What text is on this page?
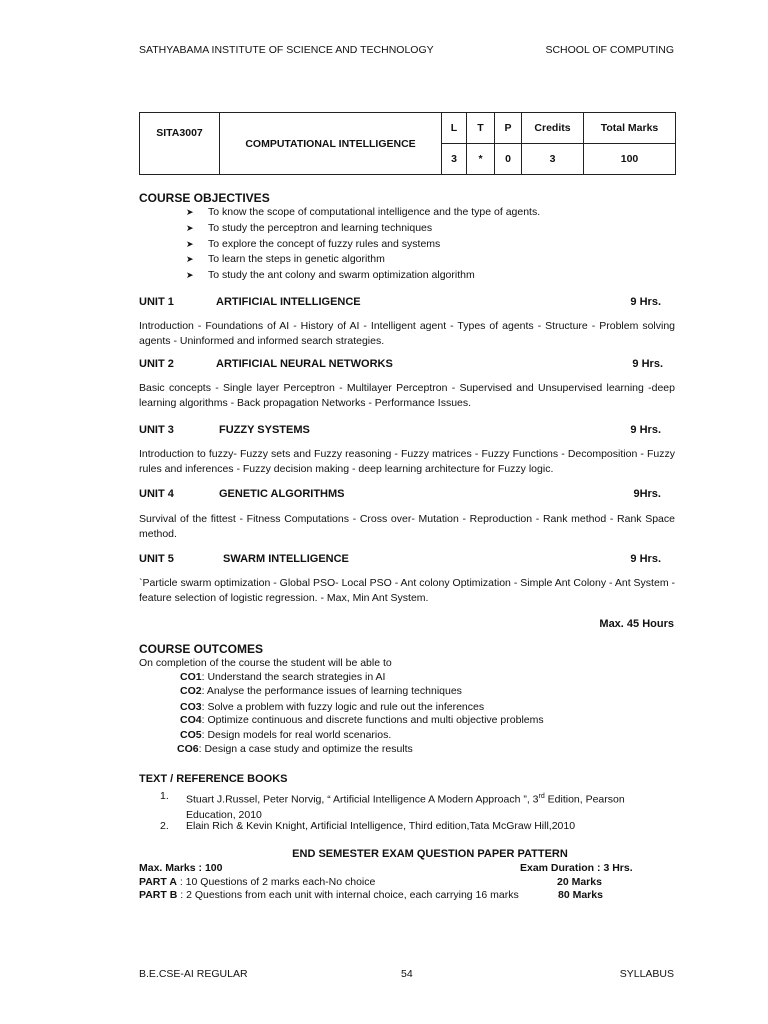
SATHYABAMA INSTITUTE OF SCIENCE AND TECHNOLOGY	SCHOOL OF COMPUTING
SITA3007	COMPUTATIONAL INTELLIGENCE	L	T	P	Credits	Total Marks
		3	*	0	3	100
COURSE OBJECTIVES
➤ To know the scope of computational intelligence and the type of agents.
➤ To study the perceptron and learning techniques
➤ To explore the concept of fuzzy rules and systems
➤ To learn the steps in genetic algorithm
➤ To study the ant colony and swarm optimization algorithm
UNIT 1	ARTIFICIAL INTELLIGENCE	9 Hrs.
Introduction - Foundations of AI - History of AI - Intelligent agent - Types of agents - Structure - Problem solving agents - Uninformed and informed search strategies.
UNIT 2	ARTIFICIAL NEURAL NETWORKS	9 Hrs.
Basic concepts - Single layer Perceptron - Multilayer Perceptron - Supervised and Unsupervised learning -deep learning algorithms - Back propagation Networks - Performance Issues.
UNIT 3	FUZZY SYSTEMS	9 Hrs.
Introduction to fuzzy- Fuzzy sets and Fuzzy reasoning - Fuzzy matrices - Fuzzy Functions - Decomposition - Fuzzy rules and inferences - Fuzzy decision making - deep learning architecture for Fuzzy logic.
UNIT 4	GENETIC ALGORITHMS	9Hrs.
Survival of the fittest - Fitness Computations - Cross over- Mutation - Reproduction - Rank method - Rank Space method.
UNIT 5	SWARM INTELLIGENCE	9 Hrs.
`Particle swarm optimization - Global PSO- Local PSO - Ant colony Optimization - Simple Ant Colony - Ant System - feature selection of logistic regression. - Max, Min Ant System.
Max. 45 Hours
COURSE OUTCOMES
On completion of the course the student will be able to
CO1: Understand the search strategies in AI
CO2: Analyse the performance issues of learning techniques
CO3: Solve a problem with fuzzy logic and rule out the inferences
CO4: Optimize continuous and discrete functions and multi objective problems
CO5: Design models for real world scenarios.
CO6: Design a case study and optimize the results
TEXT / REFERENCE BOOKS
1. Stuart J.Russel, Peter Norvig, “ Artificial Intelligence A Modern Approach ”, 3rd Edition, Pearson Education, 2010
2. Elain Rich & Kevin Knight, Artificial Intelligence, Third edition,Tata McGraw Hill,2010
END SEMESTER EXAM QUESTION PAPER PATTERN
Max. Marks : 100	Exam Duration : 3 Hrs.
PART A : 10 Questions of 2 marks each-No choice	20 Marks
PART B : 2 Questions from each unit with internal choice, each carrying 16 marks	80 Marks
B.E.CSE-AI REGULAR	54	SYLLABUS
